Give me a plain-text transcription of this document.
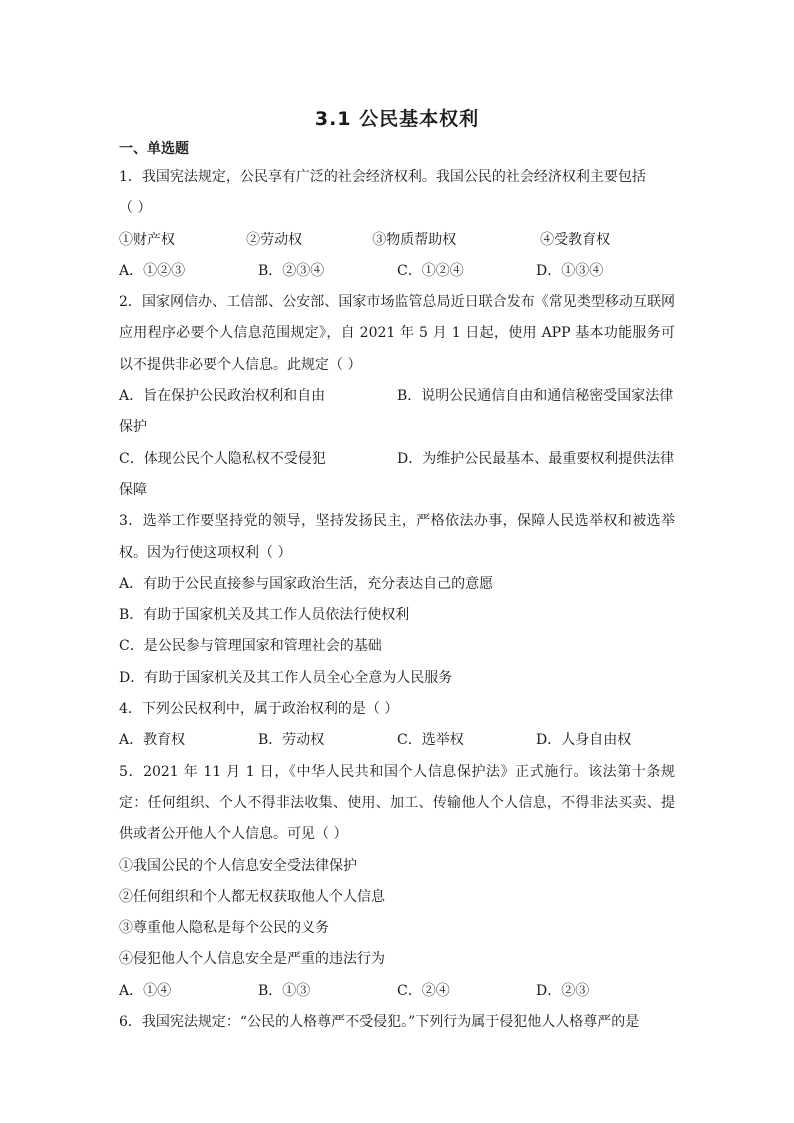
3.1 公民基本权利
一、单选题
1．我国宪法规定，公民享有广泛的社会经济权利。我国公民的社会经济权利主要包括
（ ）
①财产权	②劳动权	③物质帮助权	④受教育权
A．①②③	B．②③④	C．①②④	D．①③④
2．国家网信办、工信部、公安部、国家市场监管总局近日联合发布《常见类型移动互联网应用程序必要个人信息范围规定》，自 2021 年 5 月 1 日起，使用 APP 基本功能服务可以不提供非必要个人信息。此规定（ ）
A．旨在保护公民政治权利和自由	B．说明公民通信自由和通信秘密受国家法律
保护
C．体现公民个人隐私权不受侵犯	D．为维护公民最基本、最重要权利提供法律
保障
3．选举工作要坚持党的领导，坚持发扬民主，严格依法办事，保障人民选举权和被选举权。因为行使这项权利（ ）
A．有助于公民直接参与国家政治生活，充分表达自己的意愿
B．有助于国家机关及其工作人员依法行使权利
C．是公民参与管理国家和管理社会的基础
D．有助于国家机关及其工作人员全心全意为人民服务
4．下列公民权利中，属于政治权利的是（ ）
A．教育权	B．劳动权	C．选举权	D．人身自由权
5．2021 年 11 月 1 日，《中华人民共和国个人信息保护法》正式施行。该法第十条规定：任何组织、个人不得非法收集、使用、加工、传输他人个人信息，不得非法买卖、提供或者公开他人个人信息。可见（ ）
①我国公民的个人信息安全受法律保护
②任何组织和个人都无权获取他人个人信息
③尊重他人隐私是每个公民的义务
④侵犯他人个人信息安全是严重的违法行为
A．①④	B．①③	C．②④	D．②③
6．我国宪法规定：“公民的人格尊严不受侵犯。”下列行为属于侵犯他人人格尊严的是
